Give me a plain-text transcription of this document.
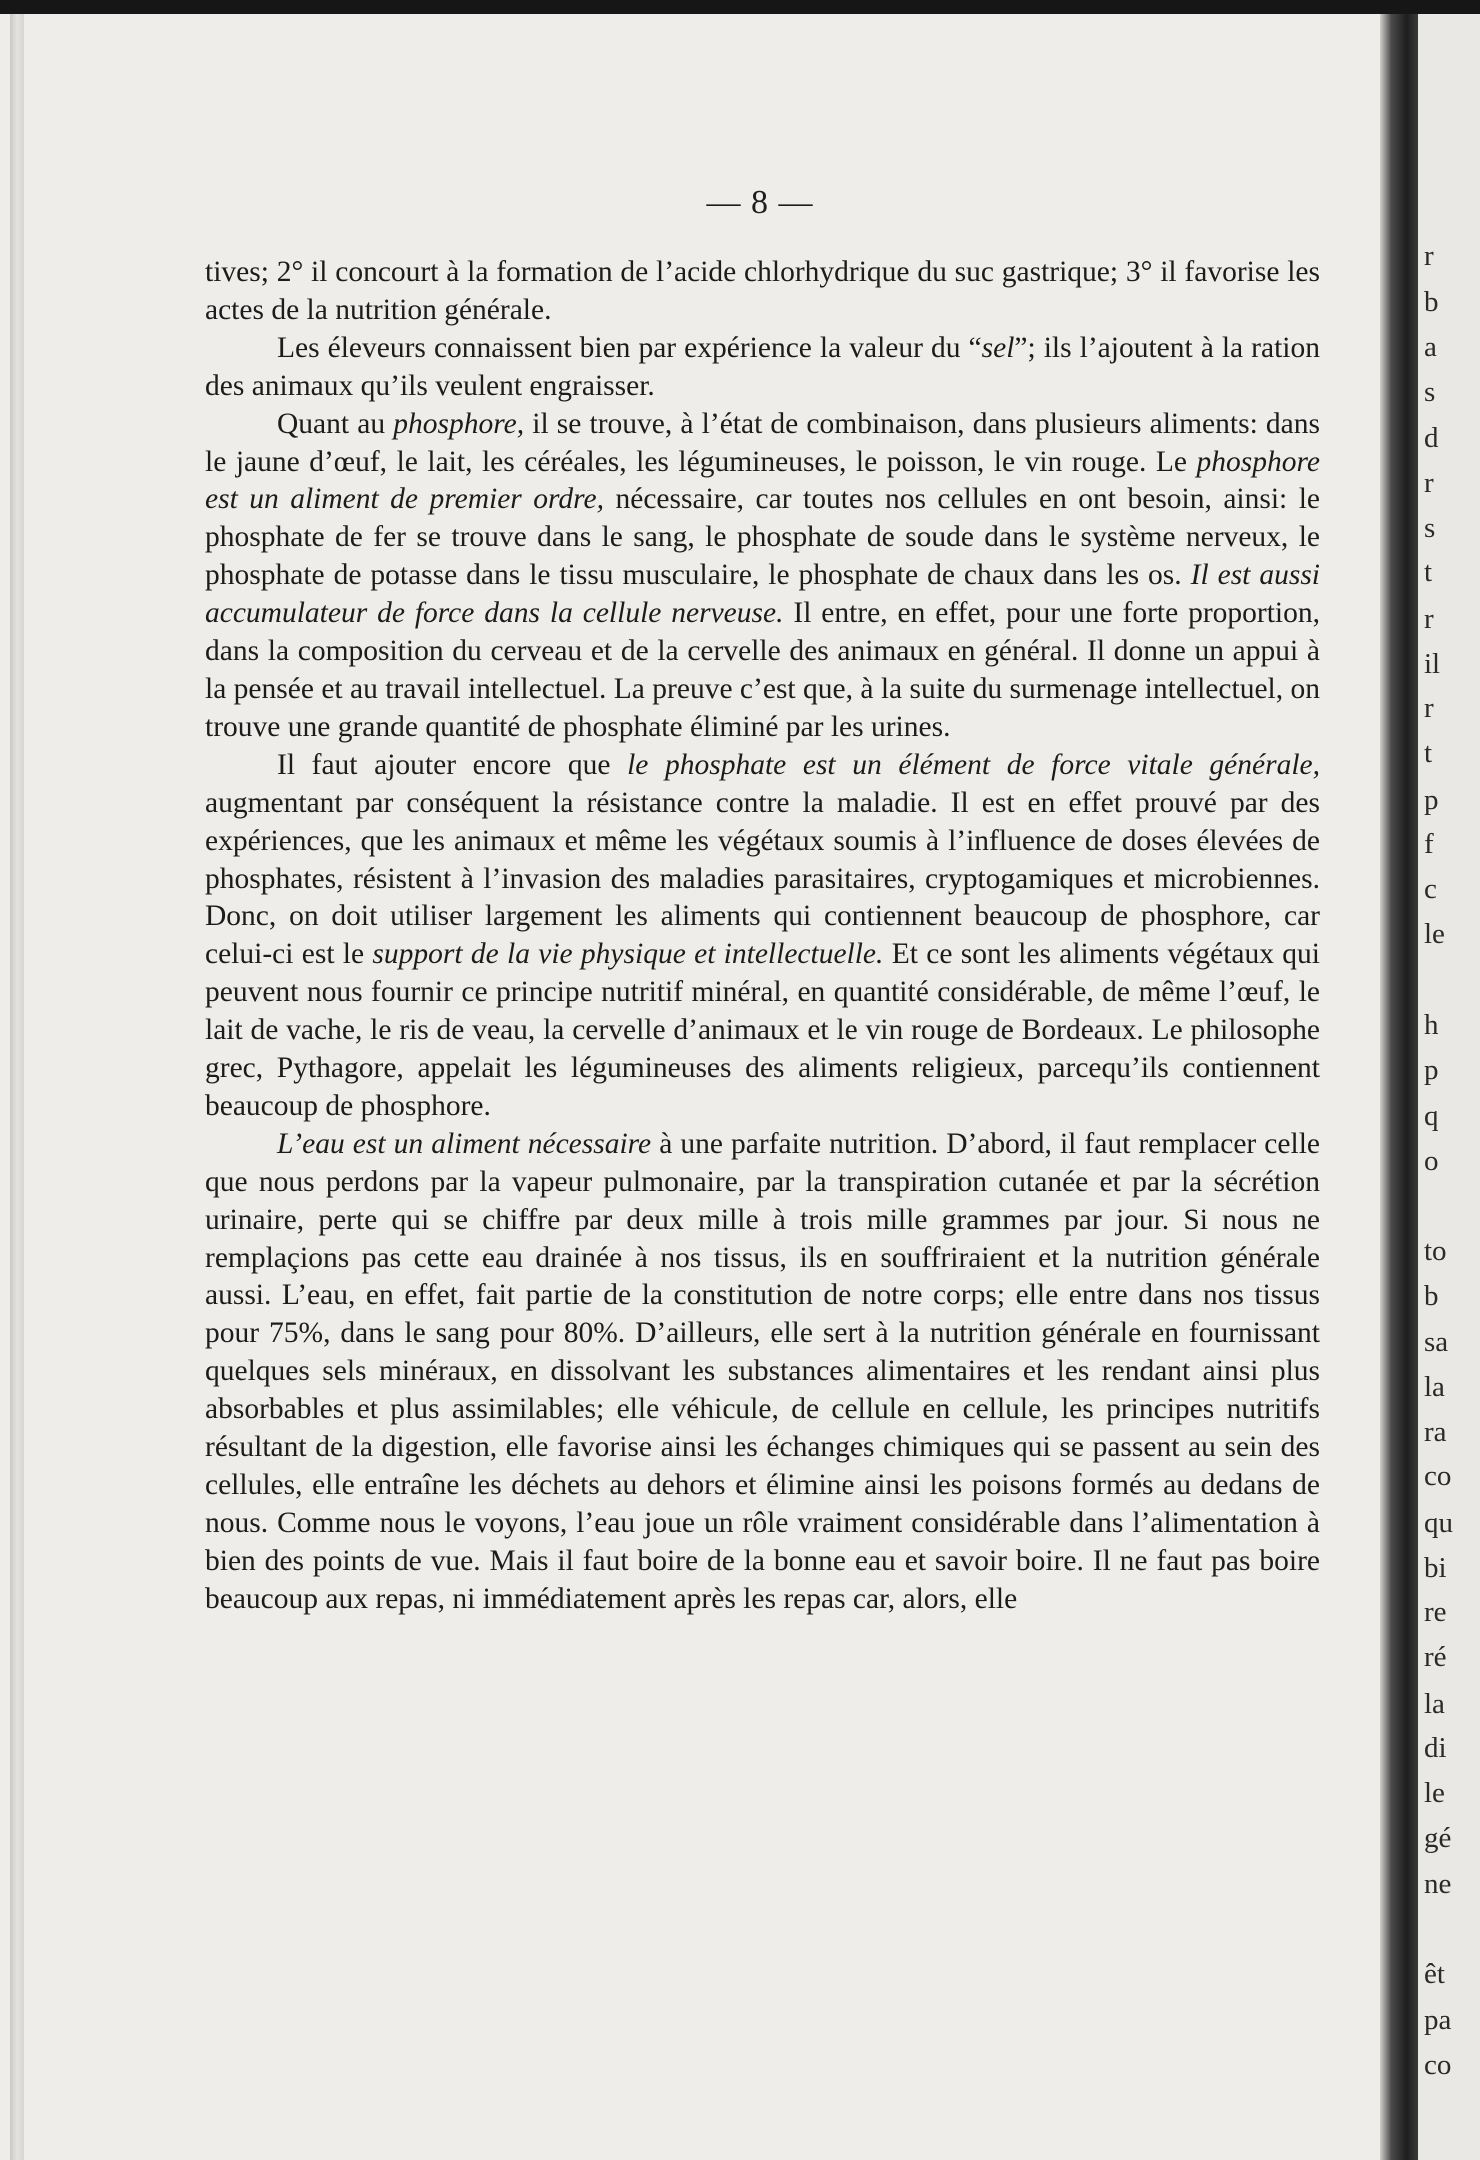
r
b
a
s
d
r
s
t
r
il
r
t
p
f
c
le
h
p
q
o
to
b
sa
la
ra
co
qu
bi
re
ré
la
di
le
gé
ne
êt
pa
co
— 8 —

tives; 2° il concourt à la formation de l’acide chlorhydrique du suc gastrique; 3° il favorise les actes de la nutrition générale.

Les éleveurs connaissent bien par expérience la valeur du “sel”; ils l’ajoutent à la ration des animaux qu’ils veulent engraisser.

Quant au phosphore, il se trouve, à l’état de combinaison, dans plusieurs aliments: dans le jaune d’œuf, le lait, les céréales, les légumineuses, le poisson, le vin rouge. Le phosphore est un aliment de premier ordre, nécessaire, car toutes nos cellules en ont besoin, ainsi: le phosphate de fer se trouve dans le sang, le phosphate de soude dans le système nerveux, le phosphate de potasse dans le tissu musculaire, le phosphate de chaux dans les os. Il est aussi accumulateur de force dans la cellule nerveuse. Il entre, en effet, pour une forte proportion, dans la composition du cerveau et de la cervelle des animaux en général. Il donne un appui à la pensée et au travail intellectuel. La preuve c’est que, à la suite du surmenage intellectuel, on trouve une grande quantité de phosphate éliminé par les urines.

Il faut ajouter encore que le phosphate est un élément de force vitale générale, augmentant par conséquent la résistance contre la maladie. Il est en effet prouvé par des expériences, que les animaux et même les végétaux soumis à l’influence de doses élevées de phosphates, résistent à l’invasion des maladies parasitaires, cryptogamiques et microbiennes. Donc, on doit utiliser largement les aliments qui contiennent beaucoup de phosphore, car celui-ci est le support de la vie physique et intellectuelle. Et ce sont les aliments végétaux qui peuvent nous fournir ce principe nutritif minéral, en quantité considérable, de même l’œuf, le lait de vache, le ris de veau, la cervelle d’animaux et le vin rouge de Bordeaux. Le philosophe grec, Pythagore, appelait les légumineuses des aliments religieux, parcequ’ils contiennent beaucoup de phosphore.

L’eau est un aliment nécessaire à une parfaite nutrition. D’abord, il faut remplacer celle que nous perdons par la vapeur pulmonaire, par la transpiration cutanée et par la sécrétion urinaire, perte qui se chiffre par deux mille à trois mille grammes par jour. Si nous ne remplaçions pas cette eau drainée à nos tissus, ils en souffriraient et la nutrition générale aussi. L’eau, en effet, fait partie de la constitution de notre corps; elle entre dans nos tissus pour 75%, dans le sang pour 80%. D’ailleurs, elle sert à la nutrition générale en fournissant quelques sels minéraux, en dissolvant les substances alimentaires et les rendant ainsi plus absorbables et plus assimilables; elle véhicule, de cellule en cellule, les principes nutritifs résultant de la digestion, elle favorise ainsi les échanges chimiques qui se passent au sein des cellules, elle entraîne les déchets au dehors et élimine ainsi les poisons formés au dedans de nous. Comme nous le voyons, l’eau joue un rôle vraiment considérable dans l’alimentation à bien des points de vue. Mais il faut boire de la bonne eau et savoir boire. Il ne faut pas boire beaucoup aux repas, ni immédiatement après les repas car, alors, elle
